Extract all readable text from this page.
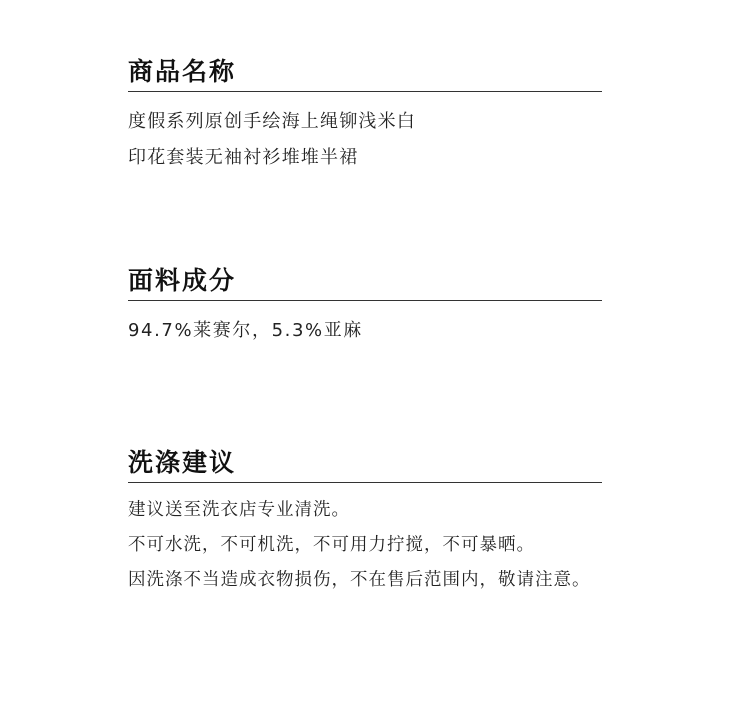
商品名称

度假系列原创手绘海上绳铆浅米白

印花套装无袖衬衫堆堆半裙

面料成分

94.7%莱赛尔，5.3%亚麻

洗涤建议

建议送至洗衣店专业清洗。

不可水洗，不可机洗，不可用力拧搅，不可暴晒。

因洗涤不当造成衣物损伤，不在售后范围内，敬请注意。
